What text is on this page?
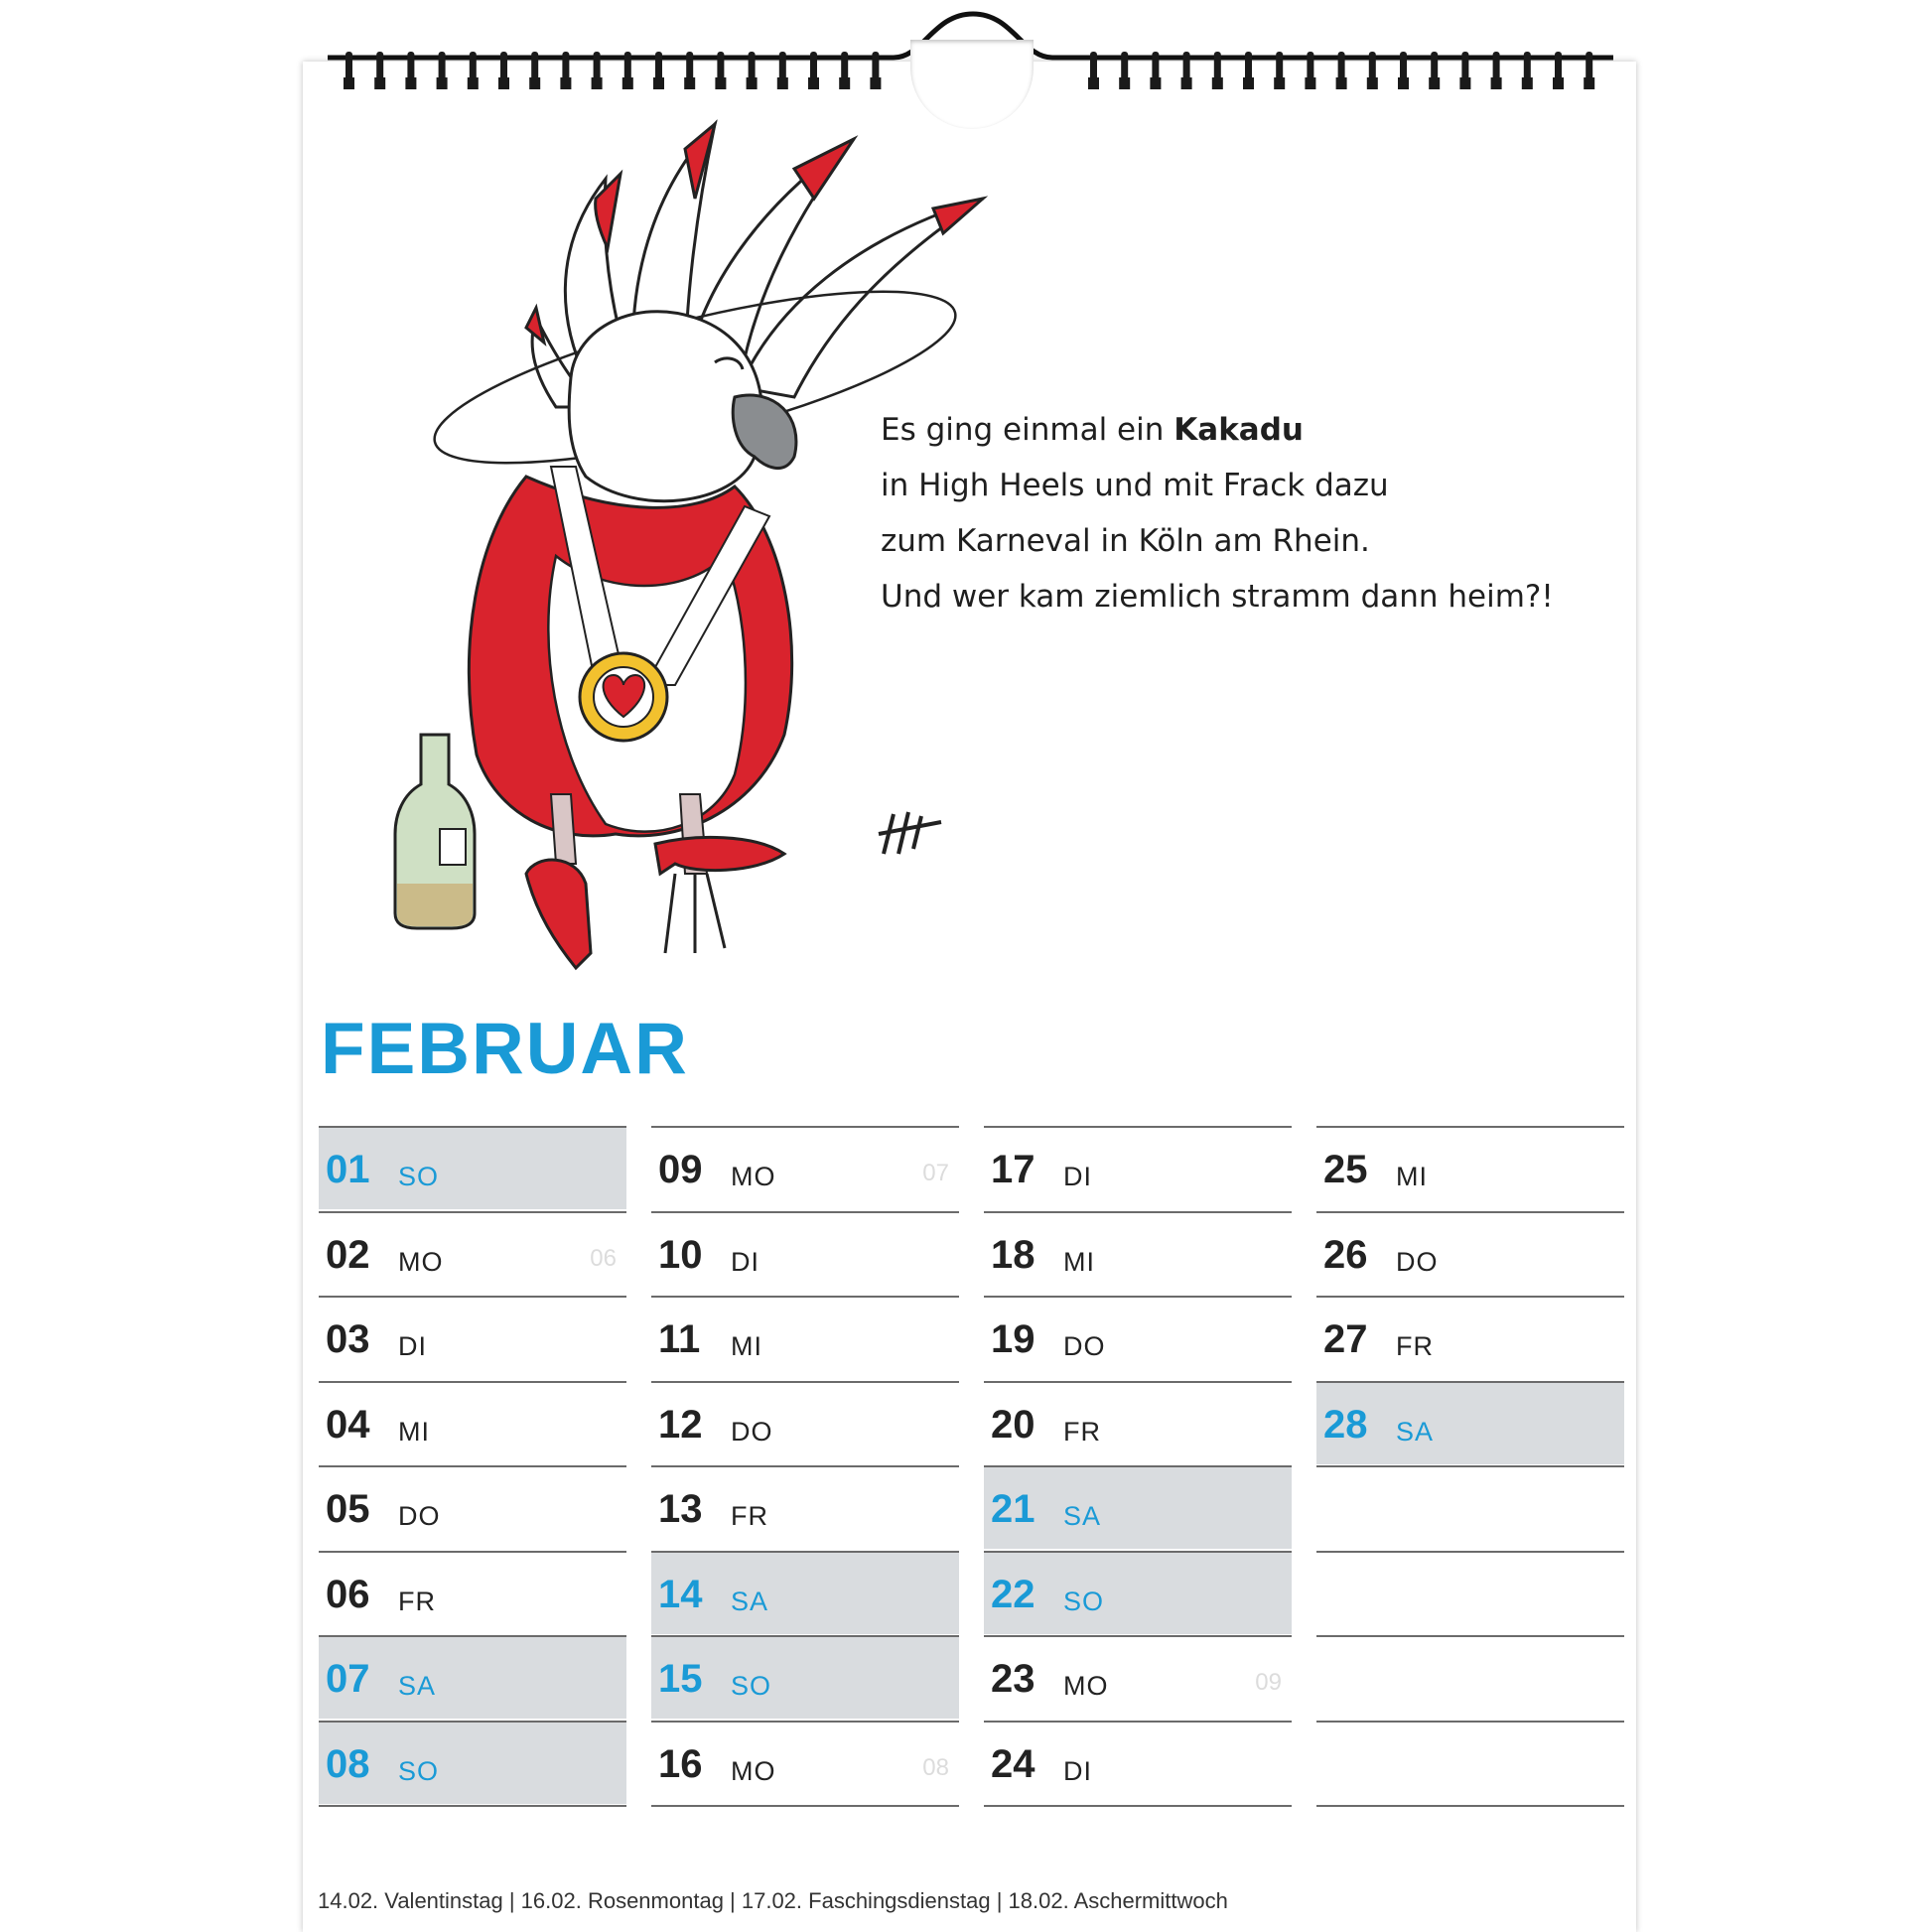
Es ging einmal ein Kakadu
in High Heels und mit Frack dazu
zum Karneval in Köln am Rhein.
Und wer kam ziemlich stramm dann heim?!
FEBRUAR
01 SO
02 MO	06
03 DI
04 MI
05 DO
06 FR
07 SA
08 SO
09 MO	07
10 DI
11 MI
12 DO
13 FR
14 SA
15 SO
16 MO	08
17 DI
18 MI
19 DO
20 FR
21 SA
22 SO
23 MO	09
24 DI
25 MI
26 DO
27 FR
28 SA
14.02. Valentinstag | 16.02. Rosenmontag | 17.02. Faschingsdienstag | 18.02. Aschermittwoch
